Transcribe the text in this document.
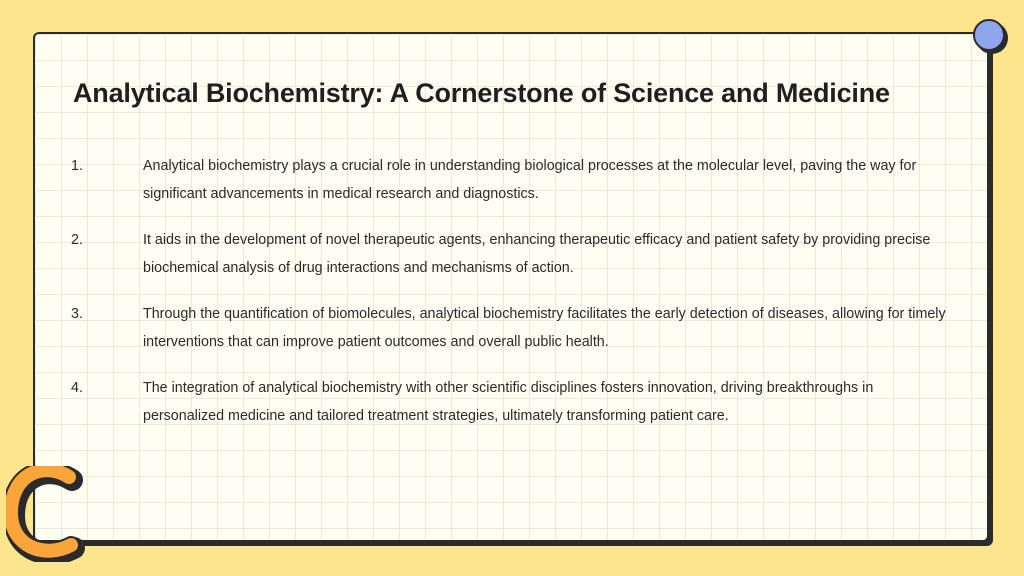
Analytical Biochemistry: A Cornerstone of Science and Medicine
1.	Analytical biochemistry plays a crucial role in understanding biological processes at the molecular level, paving the way for significant advancements in medical research and diagnostics.
2.	It aids in the development of novel therapeutic agents, enhancing therapeutic efficacy and patient safety by providing precise biochemical analysis of drug interactions and mechanisms of action.
3.	Through the quantification of biomolecules, analytical biochemistry facilitates the early detection of diseases, allowing for timely interventions that can improve patient outcomes and overall public health.
4.	The integration of analytical biochemistry with other scientific disciplines fosters innovation, driving breakthroughs in personalized medicine and tailored treatment strategies, ultimately transforming patient care.
